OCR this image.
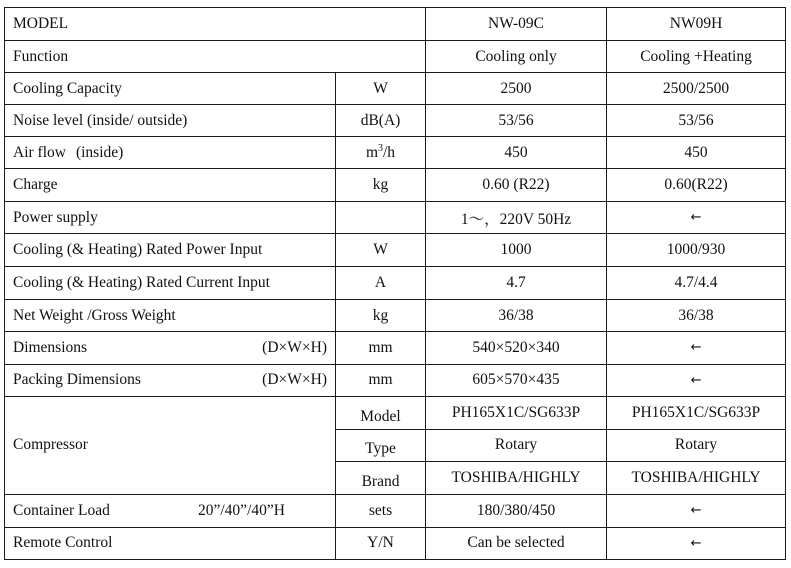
MODEL		NW-09C	NW09H
Function		Cooling only	Cooling +Heating
Cooling Capacity	W	2500	2500/2500
Noise level (inside/ outside)	dB(A)	53/56	53/56
Air flow (inside)	$m^3/h$	450	450
Charge	kg	0.60 (R22)	0.60(R22)
Power supply		1～，220V 50Hz	←
Cooling (& Heating) Rated Power Input	W	1000	1000/930
Cooling (& Heating) Rated Current Input	A	4.7	4.7/4.4
Net Weight /Gross Weight	kg	36/38	36/38

Dimensions (D×W×H)	mm	540×520×340	←

Packing Dimensions (D×W×H)	mm	605×570×435	←
Compressor	Model	PH165X1C/SG633P	PH165X1C/SG633P
	Type	Rotary	Rotary
	Brand	TOSHIBA/HIGHLY	TOSHIBA/HIGHLY
Container Load 20”/40”/40”H	sets	180/380/450	←
Remote Control	Y/N	Can be selected	←
